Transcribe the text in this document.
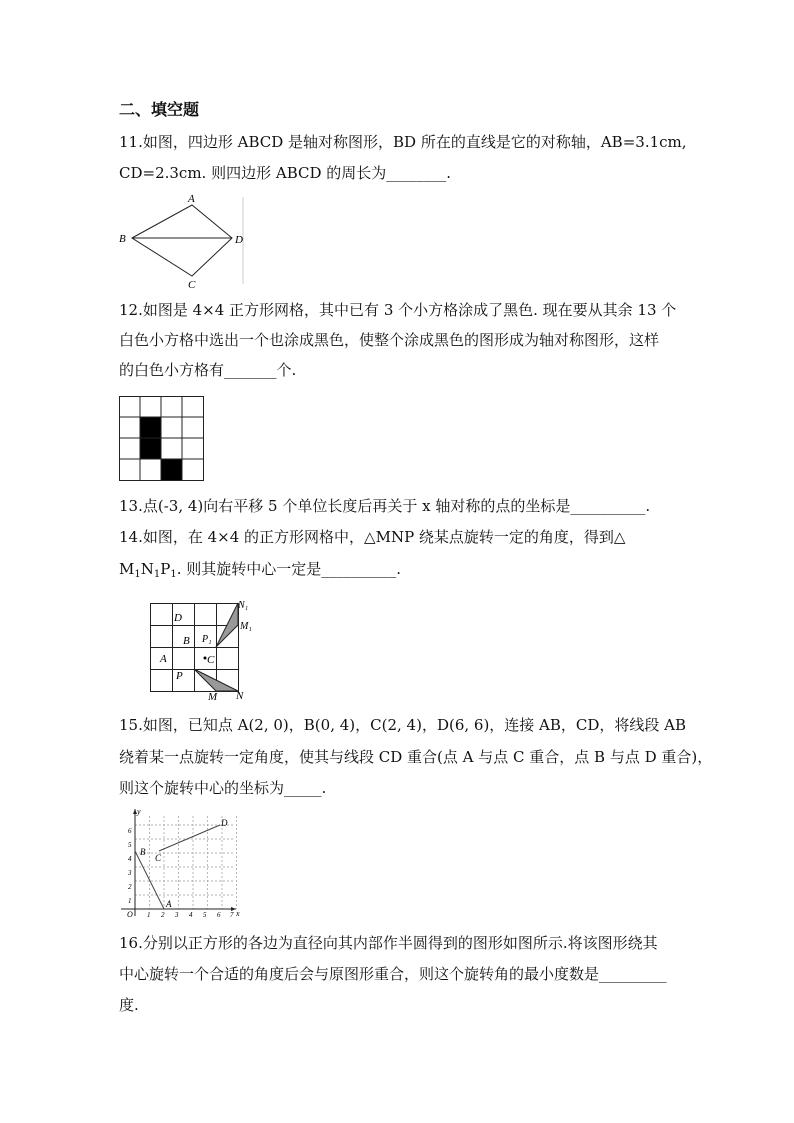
二、填空题
11.如图，四边形 ABCD 是轴对称图形，BD 所在的直线是它的对称轴，AB=3.1cm,
CD=2.3cm. 则四边形 ABCD 的周长为________.
A
B	D
C
12.如图是 4×4 正方形网格，其中已有 3 个小方格涂成了黑色. 现在要从其余 13 个
白色小方格中选出一个也涂成黑色，使整个涂成黑色的图形成为轴对称图形，这样
的白色小方格有_______个.
13.点(-3, 4)向右平移 5 个单位长度后再关于 x 轴对称的点的坐标是__________.
14.如图，在 4×4 的正方形网格中，△MNP 绕某点旋转一定的角度，得到△
$M_1N_1P_1$. 则其旋转中心一定是__________.
N₁
M₁
D
B P₁
A	C
P
M N
15.如图，已知点 A(2, 0)，B(0, 4)，C(2, 4)，D(6, 6)，连接 AB，CD，将线段 AB
绕着某一点旋转一定角度，使其与线段 CD 重合(点 A 与点 C 重合，点 B 与点 D 重合)，
则这个旋转中心的坐标为_____.
y
x
O
B
C
D
A
6
5
4
3
2
1
1 2 3 4 5 6 7
16.分别以正方形的各边为直径向其内部作半圆得到的图形如图所示.将该图形绕其
中心旋转一个合适的角度后会与原图形重合，则这个旋转角的最小度数是_________
度.
